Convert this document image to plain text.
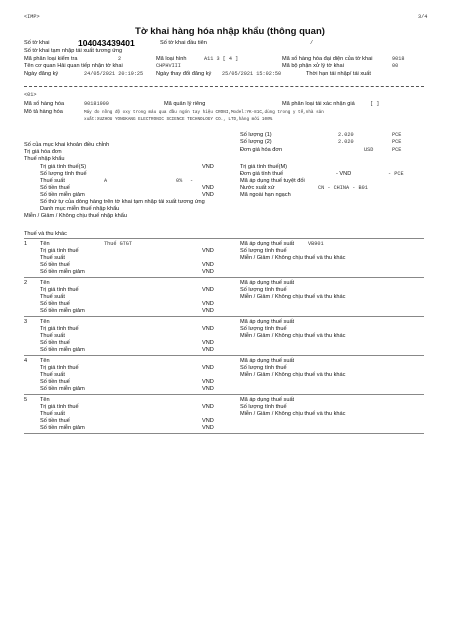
<IMP>	3/4
Tờ khai hàng hóa nhập khẩu (thông quan)
Số tờ khai	104043439401	Số tờ khai đầu tiên	/
Số tờ khai tạm nhập tái xuất tương ứng
Mã phân loại kiểm tra	2	Mã loại hình	A11 3 [ 4 ]	Mã số hàng hóa đại diện của tờ khai	9018
Tên cơ quan Hải quan tiếp nhận tờ khai	CHPHVIII	Mã bộ phận xử lý tờ khai	00
Ngày đăng ký	24/05/2021 20:19:25 Ngày thay đổi đăng ký 25/05/2021 15:02:50	Thời hạn tái nhập/ tái xuất
<01>
Mã số hàng hóa	90181900	Mã quản lý riêng	Mã phân loại tái xác nhận giá	[ ]
Mô tả hàng hóa	Máy đo nồng độ oxy trong máu qua đầu ngón tay hiệu CRONI,Model:YK-81C,dùng trong y tế,nhà sản
xuất:XUZHOU YONGKANG ELECTRONIC SCIENCE TECHNOLOGY CO., LTD,hàng mới 100%
Số lượng (1)	2.020	PCE
Số lượng (2)	2.020	PCE
Số của mục khai khoản điều chỉnh
Trị giá hóa đơn	Đơn giá hóa đơn	USD	PCE
Thuế nhập khẩu
Trị giá tính thuế(S)	VND	Trị giá tính thuế(M)
Số lượng tính thuế	Đơn giá tính thuế	- VND	- PCE
Thuế suất	A	0% -	Mã áp dụng thuế tuyệt đối
Số tiền thuế	VND	Nước xuất xứ	CN - CHINA - B01
Số tiền miễn giảm	VND	Mã ngoài hạn ngạch
Số thứ tự của dòng hàng trên tờ khai tạm nhập tái xuất tương ứng
Danh mục miễn thuế nhập khẩu
Miễn / Giảm / Không chịu thuế nhập khẩu
Thuế và thu khác
1 Tên	Thuế GTGT	Mã áp dụng thuế suất	VB901
Trị giá tính thuế	VND	Số lượng tính thuế
Thuế suất	Miễn / Giảm / Không chịu thuế và thu khác
Số tiền thuế	VND
Số tiền miễn giảm	VND
2 Tên	Mã áp dụng thuế suất
Trị giá tính thuế	VND	Số lượng tính thuế
Thuế suất	Miễn / Giảm / Không chịu thuế và thu khác
Số tiền thuế	VND
Số tiền miễn giảm	VND
3 Tên	Mã áp dụng thuế suất
Trị giá tính thuế	VND	Số lượng tính thuế
Thuế suất	Miễn / Giảm / Không chịu thuế và thu khác
Số tiền thuế	VND
Số tiền miễn giảm	VND
4 Tên	Mã áp dụng thuế suất
Trị giá tính thuế	VND	Số lượng tính thuế
Thuế suất	Miễn / Giảm / Không chịu thuế và thu khác
Số tiền thuế	VND
Số tiền miễn giảm	VND
5 Tên	Mã áp dụng thuế suất
Trị giá tính thuế	VND	Số lượng tính thuế
Thuế suất	Miễn / Giảm / Không chịu thuế và thu khác
Số tiền thuế	VND
Số tiền miễn giảm	VND
